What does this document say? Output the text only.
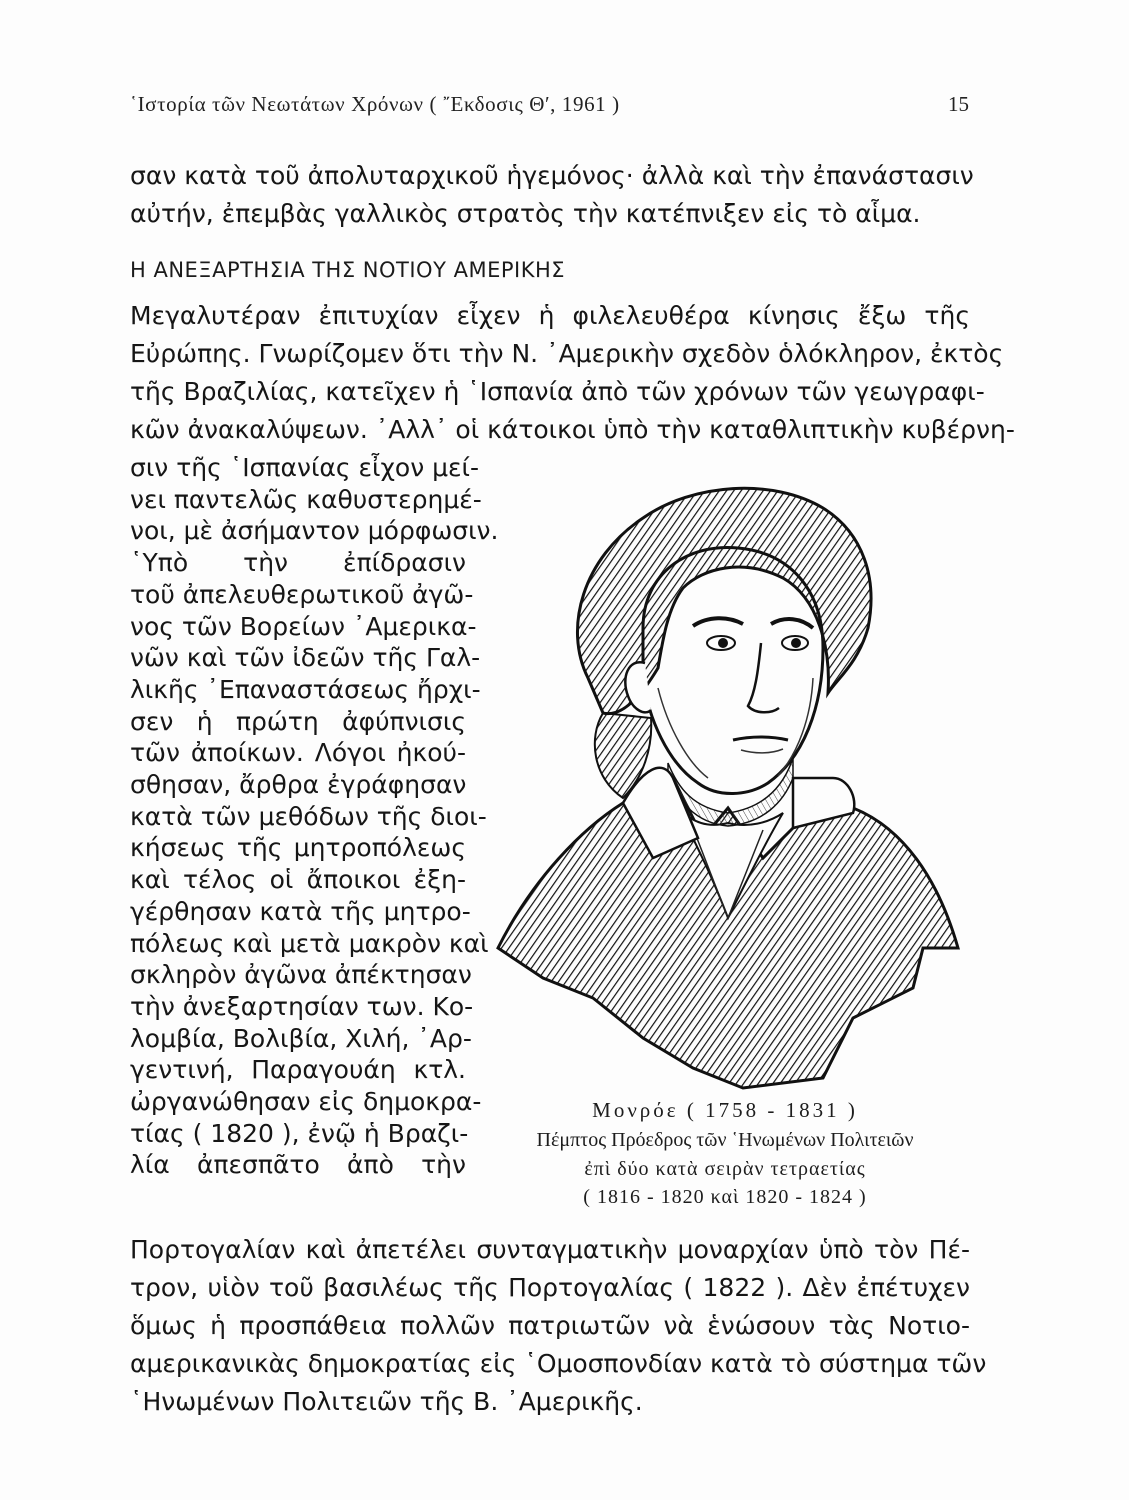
῾Ιστορία τῶν Νεωτάτων Χρόνων ( ῎Εκδοσις Θ′, 1961 )	15
σαν κατὰ τοῦ ἀπολυταρχικοῦ ἡγεμόνος· ἀλλὰ καὶ τὴν ἐπανάστασιν
αὐτήν, ἐπεμβὰς γαλλικὸς στρατὸς τὴν κατέπνιξεν εἰς τὸ αἷμα.
Η ΑΝΕΞΑΡΤΗΣΙΑ ΤΗΣ ΝΟΤΙΟΥ ΑΜΕΡΙΚΗΣ
Μεγαλυτέραν ἐπιτυχίαν εἶχεν ἡ φιλελευθέρα κίνησις ἔξω τῆς
Εὐρώπης. Γνωρίζομεν ὅτι τὴν Ν. ᾿Αμερικὴν σχεδὸν ὁλόκληρον, ἐκτὸς
τῆς Βραζιλίας, κατεῖχεν ἡ ῾Ισπανία ἀπὸ τῶν χρόνων τῶν γεωγραφι-
κῶν ἀνακαλύψεων. ᾿Αλλ᾿ οἱ κάτοικοι ὑπὸ τὴν καταθλιπτικὴν κυβέρνη-
σιν τῆς ῾Ισπανίας εἶχον μεί-
νει παντελῶς καθυστερημέ-
νοι, μὲ ἀσήμαντον μόρφωσιν.
῾Υπὸ τὴν ἐπίδρασιν
τοῦ ἀπελευθερωτικοῦ ἀγῶ-
νος τῶν Βορείων ᾿Αμερικα-
νῶν καὶ τῶν ἰδεῶν τῆς Γαλ-
λικῆς ᾿Επαναστάσεως ἤρχι-
σεν ἡ πρώτη ἀφύπνισις
τῶν ἀποίκων. Λόγοι ἠκού-
σθησαν, ἄρθρα ἐγράφησαν
κατὰ τῶν μεθόδων τῆς διοι-
κήσεως τῆς μητροπόλεως
καὶ τέλος οἱ ἄποικοι ἐξη-
γέρθησαν κατὰ τῆς μητρο-
πόλεως καὶ μετὰ μακρὸν καὶ
σκληρὸν ἀγῶνα ἀπέκτησαν
τὴν ἀνεξαρτησίαν των. Κο-
λομβία, Βολιβία, Χιλή, ᾿Αρ-
γεντινή, Παραγουάη κτλ.
ὠργανώθησαν εἰς δημοκρα-
τίας ( 1820 ), ἐνῷ ἡ Βραζι-
λία ἀπεσπᾶτο ἀπὸ τὴν
Μονρόε ( 1758 - 1831 )
Πέμπτος Πρόεδρος τῶν ῾Ηνωμένων Πολιτειῶν
ἐπὶ δύο κατὰ σειρὰν τετραετίας
( 1816 - 1820 καὶ 1820 - 1824 )
Πορτογαλίαν καὶ ἀπετέλει συνταγματικὴν μοναρχίαν ὑπὸ τὸν Πέ-
τρον, υἱὸν τοῦ βασιλέως τῆς Πορτογαλίας ( 1822 ). Δὲν ἐπέτυχεν
ὅμως ἡ προσπάθεια πολλῶν πατριωτῶν νὰ ἑνώσουν τὰς Νοτιο-
αμερικανικὰς δημοκρατίας εἰς ῾Ομοσπονδίαν κατὰ τὸ σύστημα τῶν
῾Ηνωμένων Πολιτειῶν τῆς Β. ᾿Αμερικῆς.
